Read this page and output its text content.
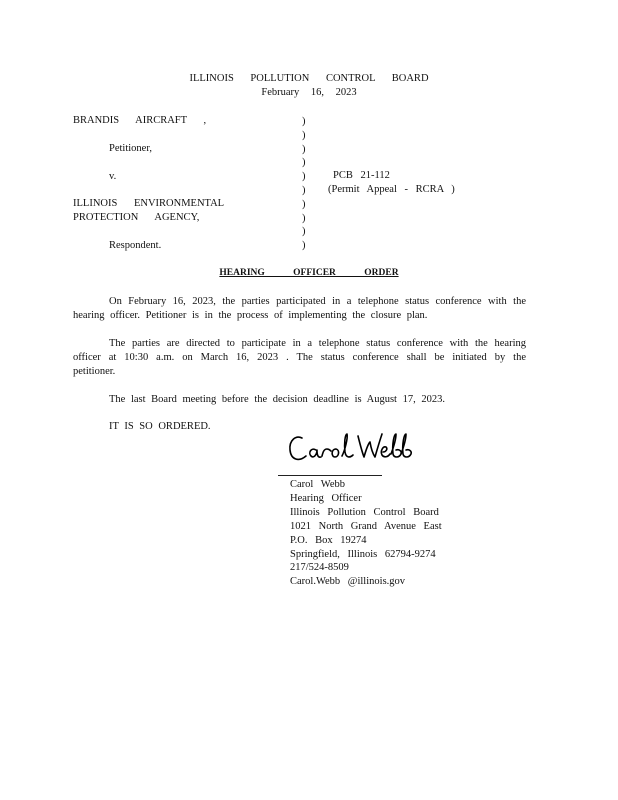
ILLINOIS POLLUTION CONTROL BOARD
February 16, 2023
BRANDIS AIRCRAFT ,
Petitioner,
v.
ILLINOIS ENVIRONMENTAL
PROTECTION AGENCY,
Respondent.
)
)
)
)
)
)
)
)
)
)
PCB 21-112
(Permit Appeal - RCRA )
HEARING OFFICER ORDER
On February 16, 2023, the parties participated in a telephone status conference with the hearing officer. Petitioner is in the process of implementing the closure plan.
The parties are directed to participate in a telephone status conference with the hearing officer at 10:30 a.m. on March 16, 2023 . The status conference shall be initiated by the petitioner.
The last Board meeting before the decision deadline is August 17, 2023.
IT IS SO ORDERED.
Carol Webb
Hearing Officer
Illinois Pollution Control Board
1021 North Grand Avenue East
P.O. Box 19274
Springfield, Illinois 62794-9274
217/524-8509
Carol.Webb @illinois.gov
